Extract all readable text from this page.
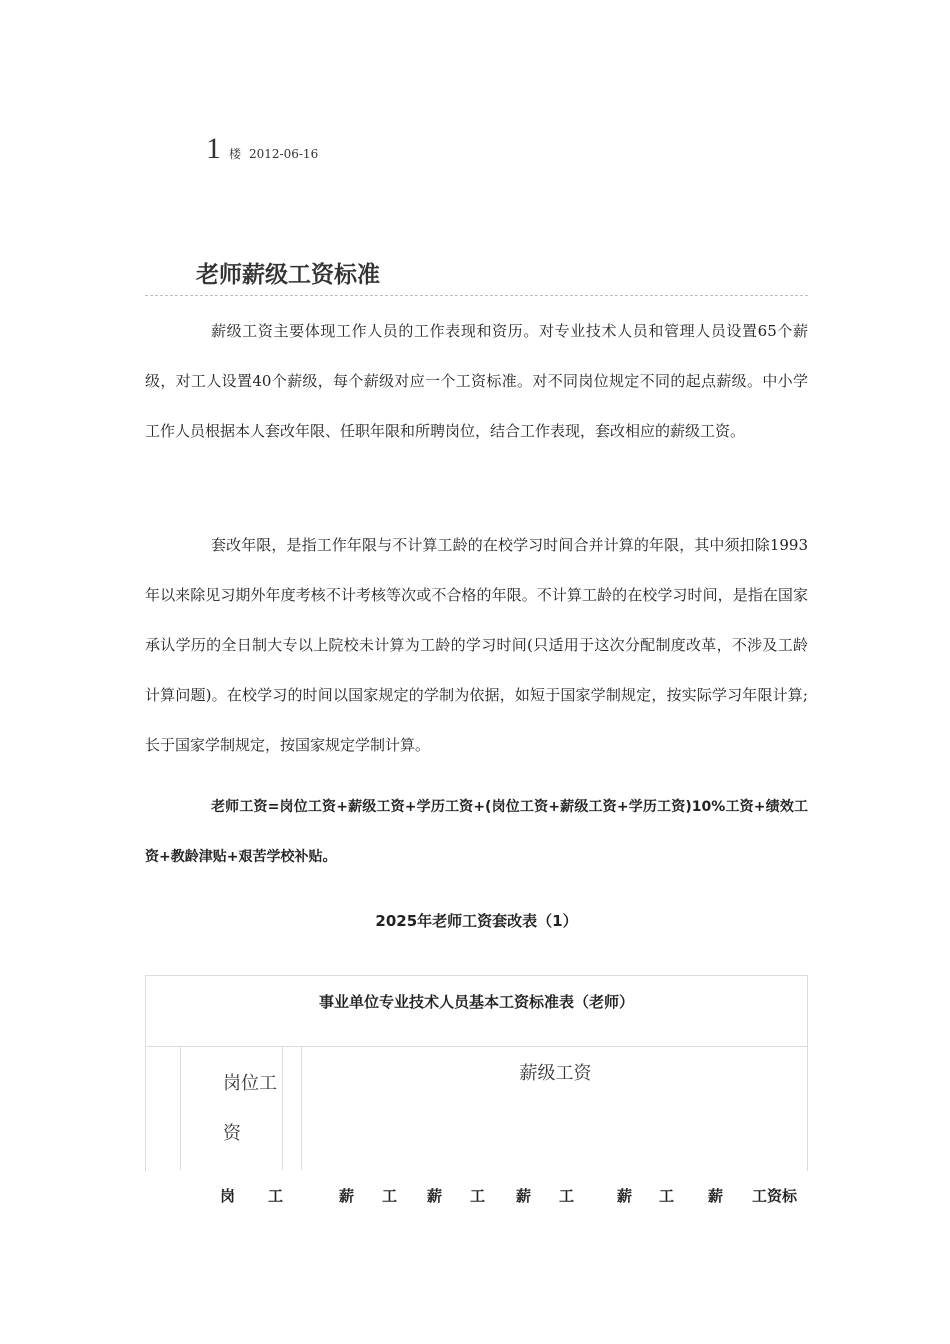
1 楼 2012-06-16
老师薪级工资标准

薪级工资主要体现工作人员的工作表现和资历。对专业技术人员和管理人员设置65个薪级，对工人设置40个薪级，每个薪级对应一个工资标准。对不同岗位规定不同的起点薪级。中小学工作人员根据本人套改年限、任职年限和所聘岗位，结合工作表现，套改相应的薪级工资。

套改年限，是指工作年限与不计算工龄的在校学习时间合并计算的年限，其中须扣除1993年以来除见习期外年度考核不计考核等次或不合格的年限。不计算工龄的在校学习时间，是指在国家承认学历的全日制大专以上院校未计算为工龄的学习时间(只适用于这次分配制度改革，不涉及工龄计算问题)。在校学习的时间以国家规定的学制为依据，如短于国家学制规定，按实际学习年限计算;长于国家学制规定，按国家规定学制计算。

老师工资=岗位工资+薪级工资+学历工资+(岗位工资+薪级工资+学历工资)10%工资+绩效工资+教龄津贴+艰苦学校补贴。

2025年老师工资套改表（1）
事业单位专业技术人员基本工资标准表（老师）
岗位工资
薪级工资
岗 工	薪 工 薪 工 薪 工	薪 工 薪 工资标
